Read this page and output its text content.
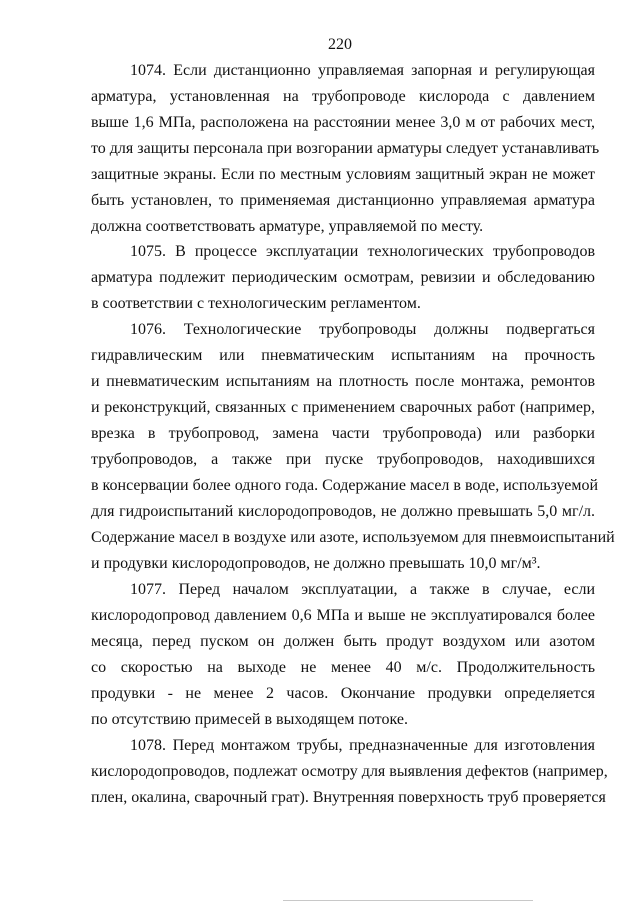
220
1074. Если дистанционно управляемая запорная и регулирующая
арматура, установленная на трубопроводе кислорода с давлением
выше 1,6 МПа, расположена на расстоянии менее 3,0 м от рабочих мест,
то для защиты персонала при возгорании арматуры следует устанавливать
защитные экраны. Если по местным условиям защитный экран не может
быть установлен, то применяемая дистанционно управляемая арматура
должна соответствовать арматуре, управляемой по месту.
1075. В процессе эксплуатации технологических трубопроводов
арматура подлежит периодическим осмотрам, ревизии и обследованию
в соответствии с технологическим регламентом.
1076. Технологические трубопроводы должны подвергаться
гидравлическим или пневматическим испытаниям на прочность
и пневматическим испытаниям на плотность после монтажа, ремонтов
и реконструкций, связанных с применением сварочных работ (например,
врезка в трубопровод, замена части трубопровода) или разборки
трубопроводов, а также при пуске трубопроводов, находившихся
в консервации более одного года. Содержание масел в воде, используемой
для гидроиспытаний кислородопроводов, не должно превышать 5,0 мг/л.
Содержание масел в воздухе или азоте, используемом для пневмоиспытаний
и продувки кислородопроводов, не должно превышать 10,0 мг/м³.
1077. Перед началом эксплуатации, а также в случае, если
кислородопровод давлением 0,6 МПа и выше не эксплуатировался более
месяца, перед пуском он должен быть продут воздухом или азотом
со скоростью на выходе не менее 40 м/с. Продолжительность
продувки - не менее 2 часов. Окончание продувки определяется
по отсутствию примесей в выходящем потоке.
1078. Перед монтажом трубы, предназначенные для изготовления
кислородопроводов, подлежат осмотру для выявления дефектов (например,
плен, окалина, сварочный грат). Внутренняя поверхность труб проверяется
